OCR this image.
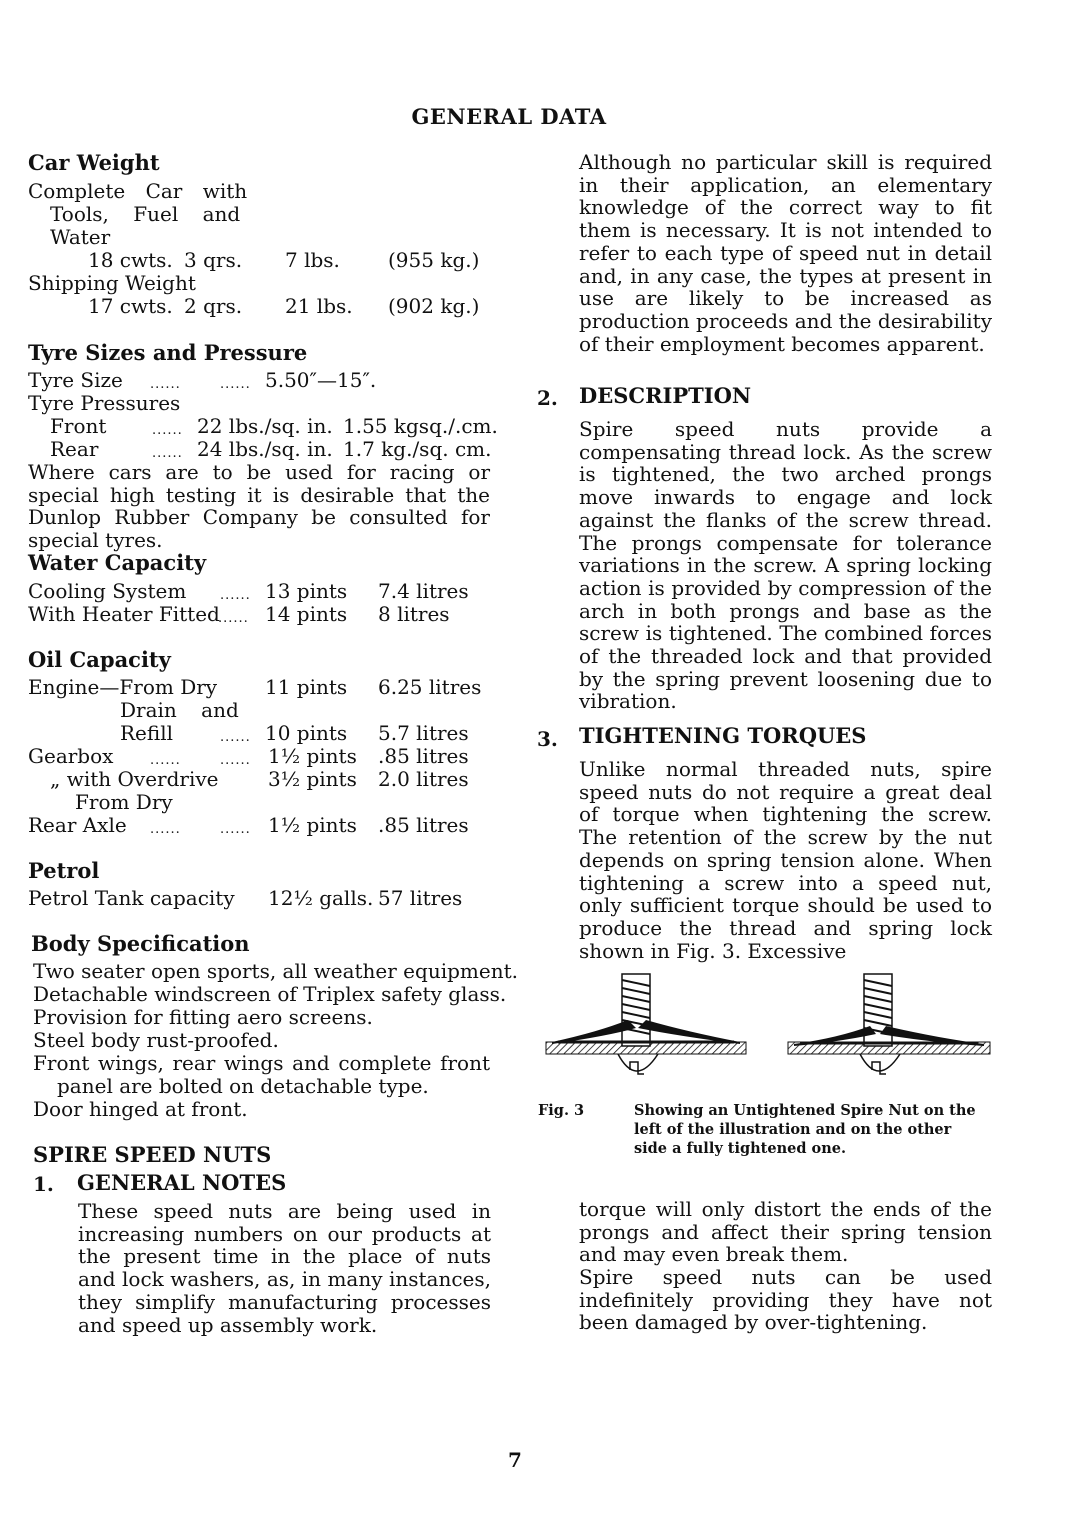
GENERAL DATA
Car Weight
Complete Car with
Tools, Fuel and
Water
18 cwts. 3 qrs. 7 lbs. (955 kg.)
Shipping Weight
17 cwts. 2 qrs. 21 lbs. (902 kg.)
Tyre Sizes and Pressure
Tyre Size ......	...... 5.50″—15″.
Tyre Pressures
Front	...... 22 lbs./sq. in. 1.55 kgsq./.cm.
Rear	...... 24 lbs./sq. in. 1.7 kg./sq. cm.
Where cars are to be used for racing or special high testing it is desirable that the Dunlop Rubber Company be consulted for special tyres.
Water Capacity
Cooling System	...... 13 pints 7.4 litres
With Heater Fitted
...... 14 pints 8 litres
Oil Capacity
Engine—From Dry 11 pints 6.25 litres
Drain and
Refill	...... 10 pints 5.7 litres
Gearbox	......	...... 1½ pints .85 litres
„ with Overdrive 3½ pints 2.0 litres
From Dry
Rear Axle ......	...... 1½ pints .85 litres
Petrol
Petrol Tank capacity 12½ galls. 57 litres
Body Specification
Two seater open sports, all weather equipment.
Detachable windscreen of Triplex safety glass.
Provision for fitting aero screens.
Steel body rust-proofed.
Front wings, rear wings and complete front
panel are bolted on detachable type.
Door hinged at front.
SPIRE SPEED NUTS
1. GENERAL NOTES
These speed nuts are being used in increasing numbers on our products at the present time in the place of nuts and lock washers, as, in many instances, they simplify manufacturing processes and speed up assembly work.
Although no particular skill is required in their application, an elementary knowledge of the correct way to fit them is necessary. It is not intended to refer to each type of speed nut in detail and, in any case, the types at present in use are likely to be increased as production proceeds and the desirability of their employment becomes apparent.
2. DESCRIPTION
Spire speed nuts provide a compensating thread lock. As the screw is tightened, the two arched prongs move inwards to engage and lock against the flanks of the screw thread. The prongs compensate for tolerance variations in the screw. A spring locking action is provided by compression of the arch in both prongs and base as the screw is tightened. The combined forces of the threaded lock and that provided by the spring prevent loosening due to vibration.
3. TIGHTENING TORQUES
Unlike normal threaded nuts, spire speed nuts do not require a great deal of torque when tightening the screw. The retention of the screw by the nut depends on spring tension alone. When tightening a screw into a speed nut, only sufficient torque should be used to produce the thread and spring lock shown in Fig. 3. Excessive
Fig. 3	Showing an Untightened Spire Nut on the
left of the illustration and on the other
side a fully tightened one.
torque will only distort the ends of the prongs and affect their spring tension and may even break them.
Spire speed nuts can be used indefinitely providing they have not been damaged by over-tightening.
7
